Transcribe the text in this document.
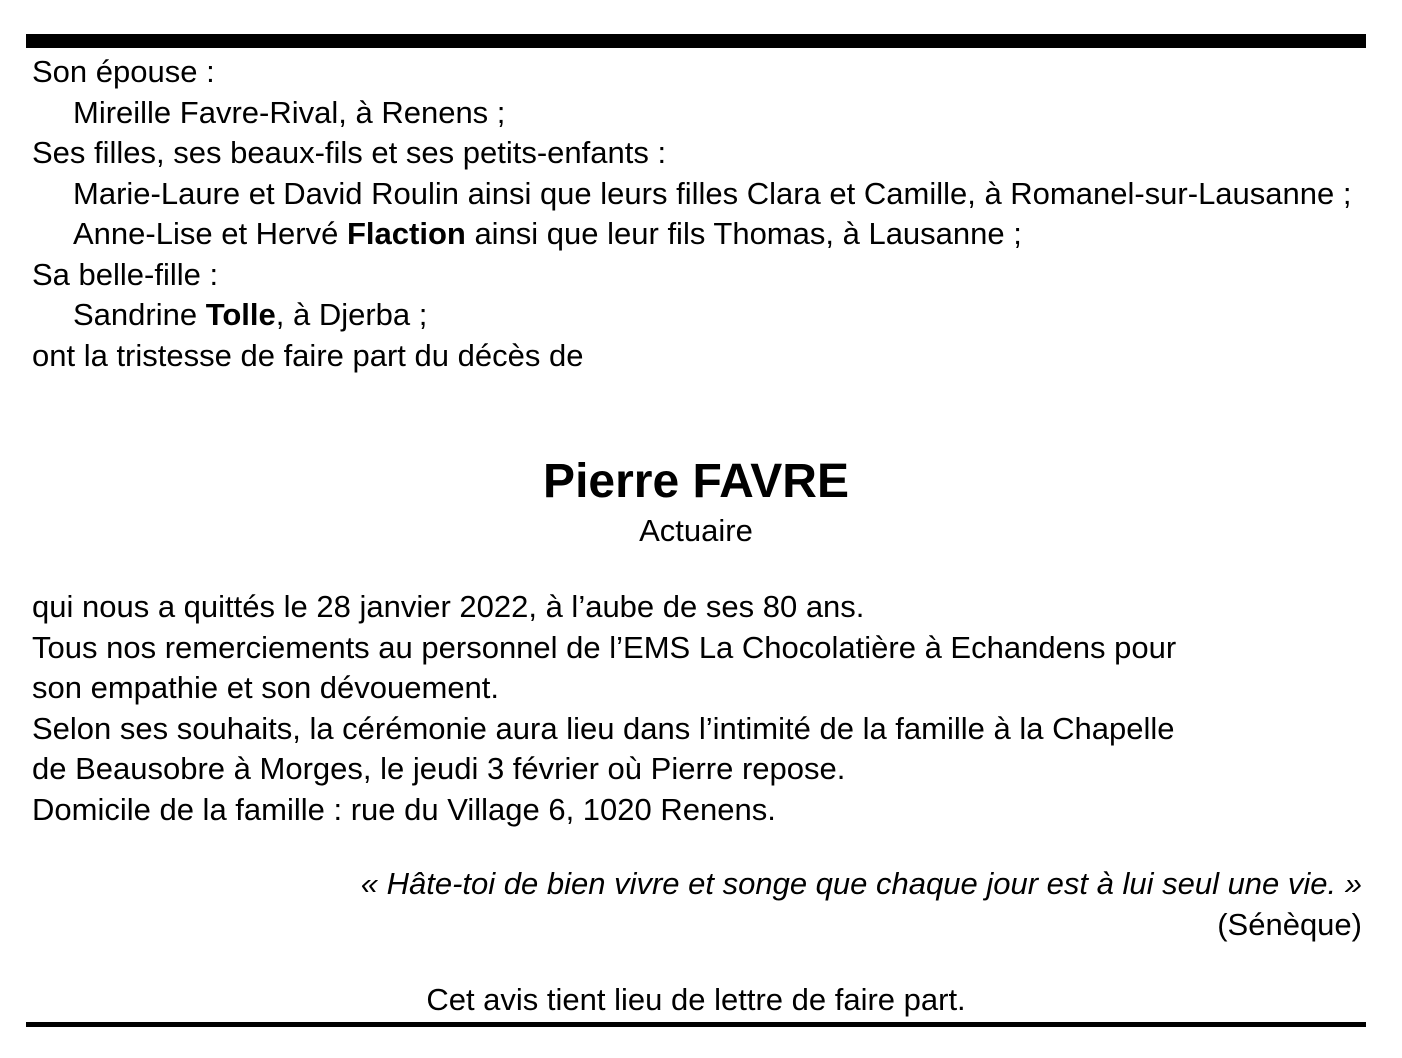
Son épouse :
Mireille Favre-Rival, à Renens ;
Ses filles, ses beaux-fils et ses petits-enfants :
Marie-Laure et David Roulin ainsi que leurs filles Clara et Camille, à Romanel-sur-Lausanne ;
Anne-Lise et Hervé Flaction ainsi que leur fils Thomas, à Lausanne ;
Sa belle-fille :
Sandrine Tolle, à Djerba ;
ont la tristesse de faire part du décès de
Pierre FAVRE
Actuaire
qui nous a quittés le 28 janvier 2022, à l’aube de ses 80 ans.
Tous nos remerciements au personnel de l’EMS La Chocolatière à Echandens pour
son empathie et son dévouement.
Selon ses souhaits, la cérémonie aura lieu dans l’intimité de la famille à la Chapelle
de Beausobre à Morges, le jeudi 3 février où Pierre repose.
Domicile de la famille : rue du Village 6, 1020 Renens.
« Hâte-toi de bien vivre et songe que chaque jour est à lui seul une vie. »
(Sénèque)
Cet avis tient lieu de lettre de faire part.
